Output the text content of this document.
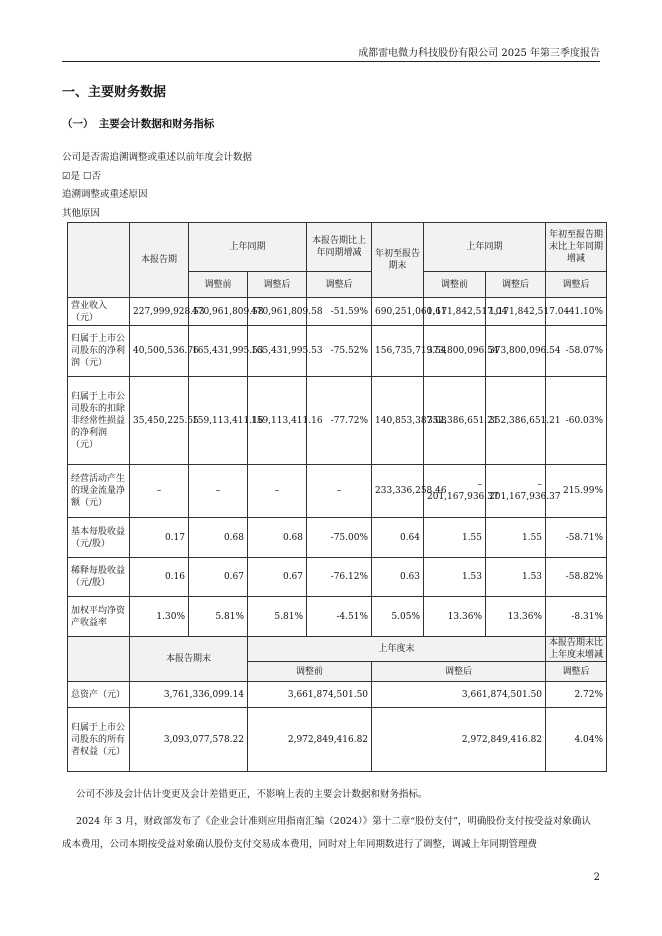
成都雷电微力科技股份有限公司 2025 年第三季度报告
一、主要财务数据
（一）　主要会计数据和财务指标
公司是否需追溯调整或重述以前年度会计数据
☑是 ☐否
追溯调整或重述原因
其他原因
	本报告期	上年同期		本报告期比上年同期增减	年初至报告期末	上年同期		年初至报告期末比上年同期增减
		调整前	调整后	调整后		调整前	调整后	调整后
营业收入（元）	227,999,928.53	470,961,809.58	470,961,809.58	-51.59%	690,251,060.61	1,171,842,517.04	1,171,842,517.04	-41.10%
归属于上市公司股东的净利润（元）	40,500,536.76	165,431,995.53	165,431,995.53	-75.52%	156,735,719.54	373,800,096.54	373,800,096.54	-58.07%
归属于上市公司股东的扣除非经常性损益的净利润（元）	35,450,225.55	159,113,411.16	159,113,411.16	-77.72%	140,853,387.08	352,386,651.21	352,386,651.21	-60.03%
经营活动产生的现金流量净额（元）	–	–	–	–	233,336,258.46	–201,167,936.37	–201,167,936.37	215.99%
基本每股收益（元/股）	0.17	0.68	0.68	-75.00%	0.64	1.55	1.55	-58.71%
稀释每股收益（元/股）	0.16	0.67	0.67	-76.12%	0.63	1.53	1.53	-58.82%
加权平均净资产收益率	1.30%	5.81%	5.81%	-4.51%	5.05%	13.36%	13.36%	-8.31%
	本报告期末		上年度末					本报告期末比上年度末增减
			调整前		调整后			调整后
总资产（元）	3,761,336,099.14		3,661,874,501.50		3,661,874,501.50			2.72%
归属于上市公司股东的所有者权益（元）	3,093,077,578.22		2,972,849,416.82		2,972,849,416.82			4.04%
公司不涉及会计估计变更及会计差错更正，不影响上表的主要会计数据和财务指标。
2024 年 3 月，财政部发布了《企业会计准则应用指南汇编（2024）》第十二章“股份支付”，明确股份支付按受益对象确认成本费用，公司本期按受益对象确认股份支付交易成本费用，同时对上年同期数进行了调整，调减上年同期管理费
2
